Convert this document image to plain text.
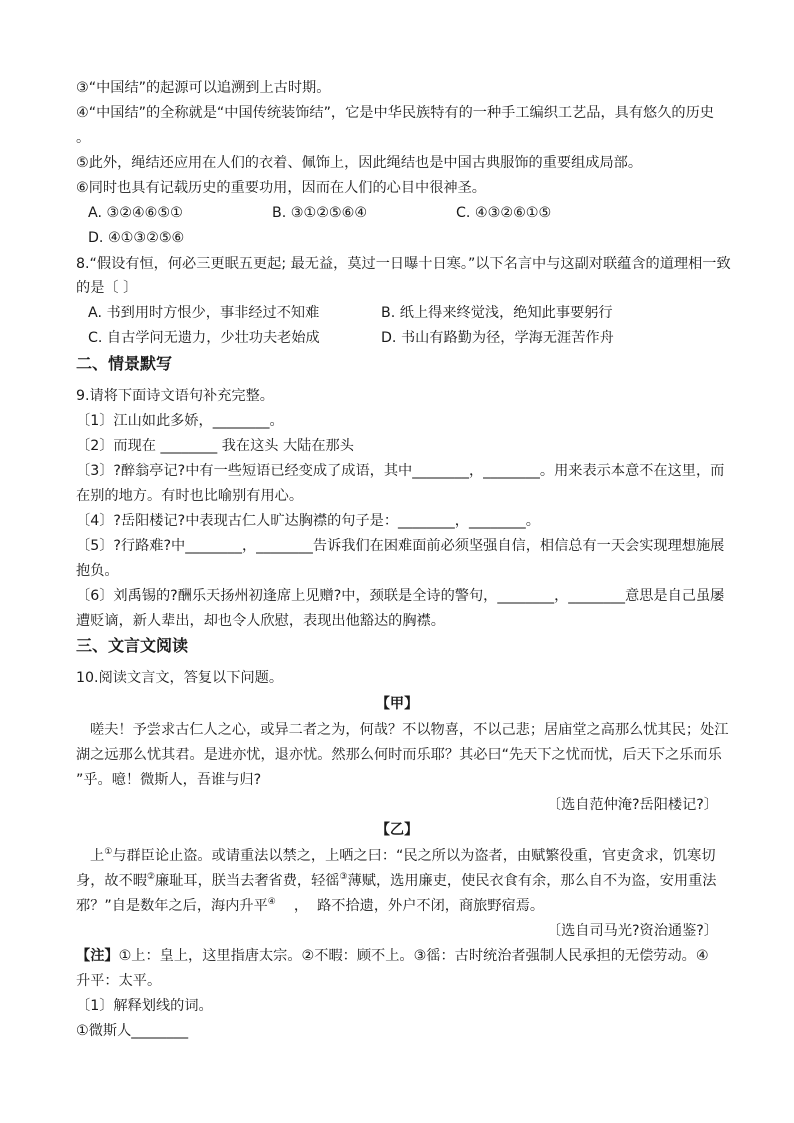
③“中国结”的起源可以追溯到上古时期。
④“中国结”的全称就是“中国传统装饰结”，它是中华民族特有的一种手工编织工艺品，具有悠久的历史
。
⑤此外，绳结还应用在人们的衣着、佩饰上，因此绳结也是中国古典服饰的重要组成局部。
⑥同时也具有记载历史的重要功用，因而在人们的心目中很神圣。
A. ③②④⑥⑤①	B. ③①②⑤⑥④	C. ④③②⑥①⑤
D. ④①③②⑤⑥
8.“假设有恒，何必三更眠五更起; 最无益，莫过一日曝十日寒。”以下名言中与这副对联蕴含的道理相一致
的是〔 〕
A. 书到用时方恨少，事非经过不知难	B. 纸上得来终觉浅，绝知此事要躬行
C. 自古学问无遗力，少壮功夫老始成	D. 书山有路勤为径，学海无涯苦作舟
二、情景默写
9.请将下面诗文语句补充完整。
〔1〕江山如此多娇，________。
〔2〕而现在 ________ 我在这头 大陆在那头
〔3〕?醉翁亭记?中有一些短语已经变成了成语，其中________，________。用来表示本意不在这里，而
在别的地方。有时也比喻别有用心。
〔4〕?岳阳楼记?中表现古仁人旷达胸襟的句子是：________，________。
〔5〕?行路难?中________，________告诉我们在困难面前必须坚强自信，相信总有一天会实现理想施展
抱负。
〔6〕刘禹锡的?酬乐天扬州初逢席上见赠?中，颈联是全诗的警句，________，________意思是自己虽屡
遭贬谪，新人辈出，却也令人欣慰，表现出他豁达的胸襟。
三、文言文阅读
10.阅读文言文，答复以下问题。
【甲】
嗟夫！予尝求古仁人之心，或异二者之为，何哉？不以物喜，不以己悲；居庙堂之高那么忧其民；处江
湖之远那么忧其君。是进亦忧，退亦忧。然那么何时而乐耶？其必曰“先天下之忧而忧，后天下之乐而乐
”乎。噫！微斯人，吾谁与归?
〔选自范仲淹?岳阳楼记?〕
【乙】
上①与群臣论止盗。或请重法以禁之，上哂之曰：“民之所以为盗者，由赋繁役重，官吏贪求，饥寒切
身，故不暇②廉耻耳，朕当去奢省费，轻徭③薄赋，选用廉吏，使民衣食有余，那么自不为盗，安用重法
邪？”自是数年之后，海内升平④    ，  路不拾遗，外户不闭，商旅野宿焉。
〔选自司马光?资治通鉴?〕
【注】①上：皇上，这里指唐太宗。②不暇：顾不上。③徭：古时统治者强制人民承担的无偿劳动。④
升平：太平。
〔1〕解释划线的词。
①微斯人________
